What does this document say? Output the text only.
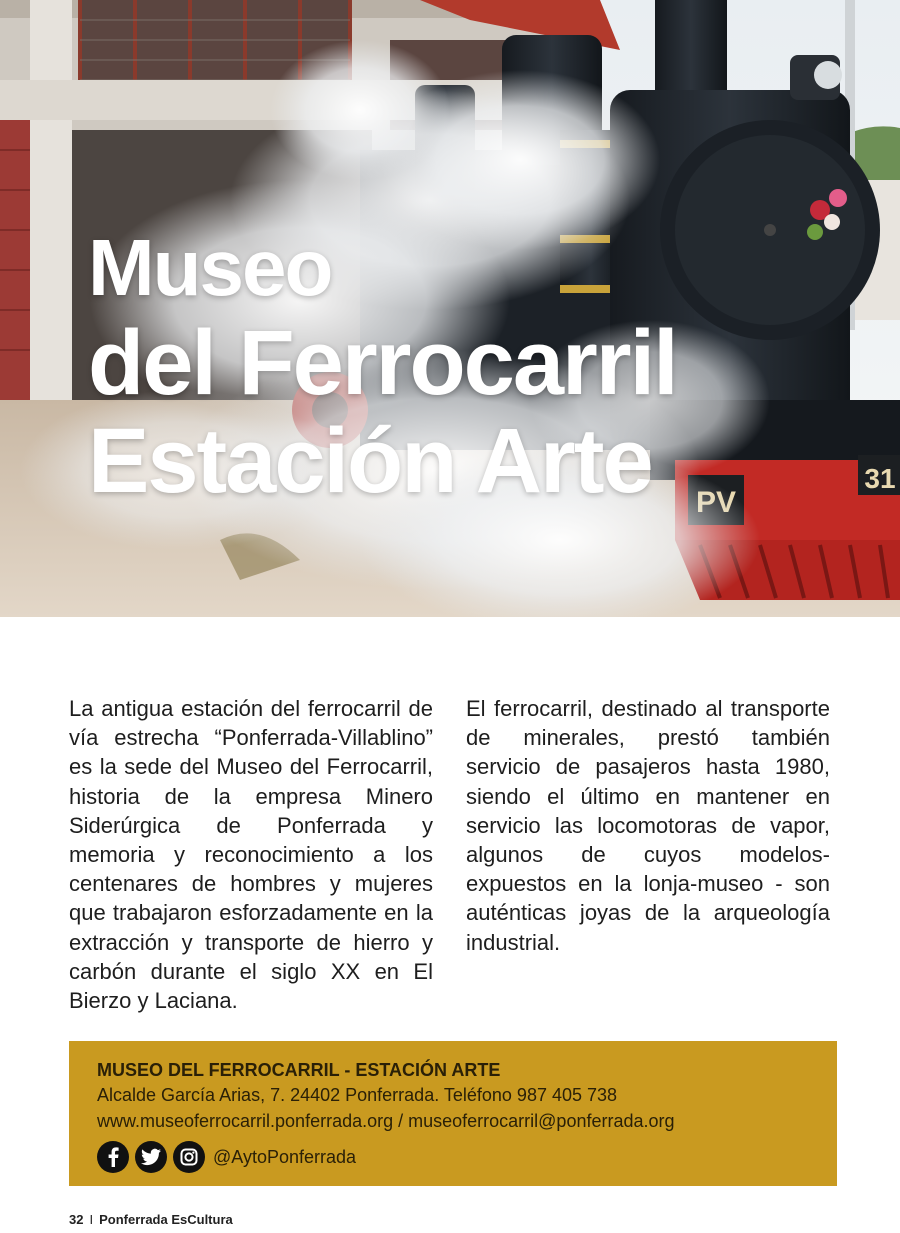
31
Museo
del Ferrocarril
Estación Arte
La antigua estación del ferrocarril de vía estrecha “Ponferrada-Villablino” es la sede del Museo del Ferrocarril, historia de la empresa Minero Siderúrgica de Ponferrada y memoria y reconocimiento a los centenares de hombres y mujeres que trabajaron esforzadamente en la extracción y transporte de hierro y carbón durante el siglo XX en El Bierzo y Laciana.
El ferrocarril, destinado al transporte de minerales, prestó también servicio de pasajeros hasta 1980, siendo el último en mantener en servicio las locomotoras de vapor, algunos de cuyos modelos- expuestos en la lonja-museo - son auténticas joyas de la arqueología industrial.
MUSEO DEL FERROCARRIL - ESTACIÓN ARTE
Alcalde García Arias, 7. 24402 Ponferrada. Teléfono 987 405 738
www.museoferrocarril.ponferrada.org / museoferrocarril@ponferrada.org
@AytoPonferrada
32 I Ponferrada EsCultura
